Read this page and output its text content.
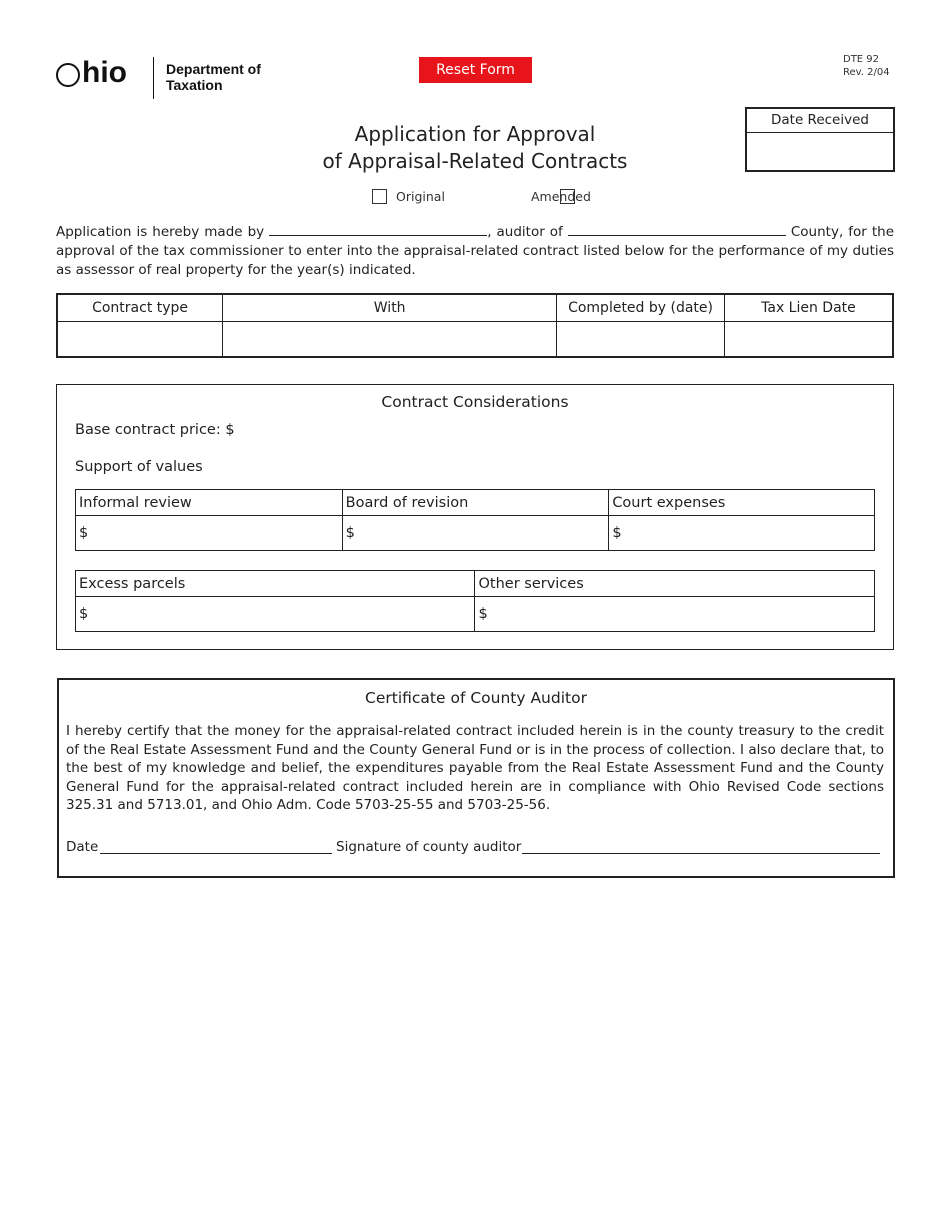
hio	Department of
Taxation
Reset Form
DTE 92
Rev. 2/04
Date Received
Application for Approval
of Appraisal-Related Contracts
Original	Amended
Application is hereby made by	, auditor of	County, for the approval of the tax commissioner to enter into the appraisal-related contract listed below for the performance of my duties as assessor of real property for the year(s) indicated.
Contract type	With	Completed by (date)	Tax Lien Date

Contract Considerations
Base contract price: $
Support of values
Informal review	Board of revision	Court expenses
$	$	$
Excess parcels	Other services
$	$
Certificate of County Auditor
I hereby certify that the money for the appraisal-related contract included herein is in the county treasury to the credit of the Real Estate Assessment Fund and the County General Fund or is in the process of collection. I also declare that, to the best of my knowledge and belief, the expenditures payable from the Real Estate Assessment Fund and the County General Fund for the appraisal-related contract included herein are in compliance with Ohio Revised Code sections 325.31 and 5713.01, and Ohio Adm. Code 5703-25-55 and 5703-25-56.
Date	Signature of county auditor
